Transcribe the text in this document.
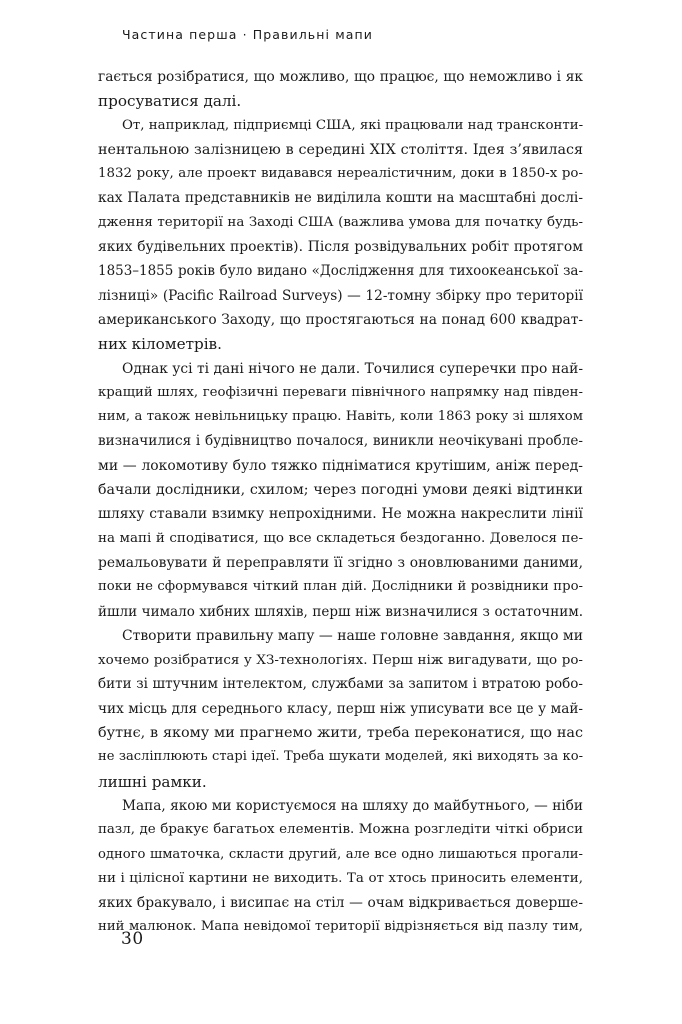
Частина перша · Правильні мапи
гається розібратися, що можливо, що працює, що неможливо і як
просуватися далі.
От, наприклад, підприємці США, які працювали над трансконти-
нентальною залізницею в середині XIX століття. Ідея з’явилася
1832 року, але проект видавався нереалістичним, доки в 1850-х ро-
ках Палата представників не виділила кошти на масштабні дослі-
дження території на Заході США (важлива умова для початку будь-
яких будівельних проектів). Після розвідувальних робіт протягом
1853–1855 років було видано «Дослідження для тихоокеанської за-
лізниці» (Pacific Railroad Surveys) — 12-томну збірку про території
американського Заходу, що простягаються на понад 600 квадрат-
них кілометрів.
Однак усі ті дані нічого не дали. Точилися суперечки про най-
кращий шлях, геофізичні переваги північного напрямку над півден-
ним, а також невільницьку працю. Навіть, коли 1863 року зі шляхом
визначилися і будівництво почалося, виникли неочікувані пробле-
ми — локомотиву було тяжко підніматися крутішим, аніж перед-
бачали дослідники, схилом; через погодні умови деякі відтинки
шляху ставали взимку непрохідними. Не можна накреслити лінії
на мапі й сподіватися, що все складеться бездоганно. Довелося пе-
ремальовувати й переправляти її згідно з оновлюваними даними,
поки не сформувався чіткий план дій. Дослідники й розвідники про-
йшли чимало хибних шляхів, перш ніж визначилися з остаточним.
Створити правильну мапу — наше головне завдання, якщо ми
хочемо розібратися у ХЗ-технологіях. Перш ніж вигадувати, що ро-
бити зі штучним інтелектом, службами за запитом і втратою робо-
чих місць для середнього класу, перш ніж уписувати все це у май-
бутнє, в якому ми прагнемо жити, треба переконатися, що нас
не засліплюють старі ідеї. Треба шукати моделей, які виходять за ко-
лишні рамки.
Мапа, якою ми користуємося на шляху до майбутнього, — ніби
пазл, де бракує багатьох елементів. Можна розгледіти чіткі обриси
одного шматочка, скласти другий, але все одно лишаються прогали-
ни і цілісної картини не виходить. Та от хтось приносить елементи,
яких бракувало, і висипає на стіл — очам відкривається доверше-
ний малюнок. Мапа невідомої території відрізняється від пазлу тим,
30
